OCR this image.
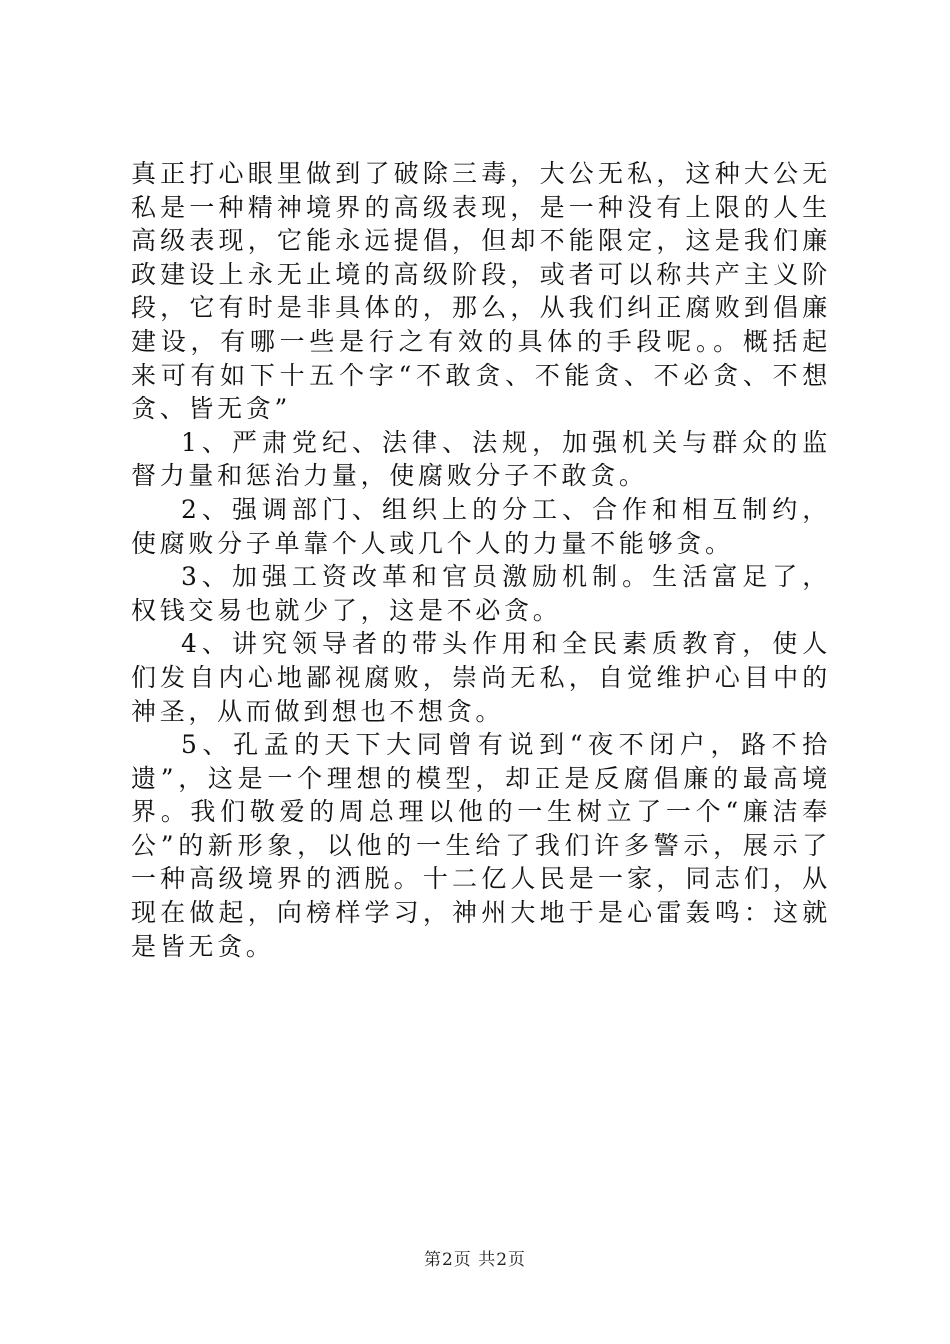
真正打心眼里做到了破除三毒，大公无私，这种大公无私是一种精神境界的高级表现，是一种没有上限的人生高级表现，它能永远提倡，但却不能限定，这是我们廉政建设上永无止境的高级阶段，或者可以称共产主义阶段，它有时是非具体的，那么，从我们纠正腐败到倡廉建设，有哪一些是行之有效的具体的手段呢。。概括起来可有如下十五个字“不敢贪、不能贪、不必贪、不想贪、皆无贪”

1、严肃党纪、法律、法规，加强机关与群众的监督力量和惩治力量，使腐败分子不敢贪。

2、强调部门、组织上的分工、合作和相互制约，使腐败分子单靠个人或几个人的力量不能够贪。

3、加强工资改革和官员激励机制。生活富足了，权钱交易也就少了，这是不必贪。

4、讲究领导者的带头作用和全民素质教育，使人们发自内心地鄙视腐败，崇尚无私，自觉维护心目中的神圣，从而做到想也不想贪。

5、孔孟的天下大同曾有说到“夜不闭户，路不拾遗”，这是一个理想的模型，却正是反腐倡廉的最高境界。我们敬爱的周总理以他的一生树立了一个“廉洁奉公”的新形象，以他的一生给了我们许多警示，展示了一种高级境界的洒脱。十二亿人民是一家，同志们，从现在做起，向榜样学习，神州大地于是心雷轰鸣：这就是皆无贪。

第2页 共2页
